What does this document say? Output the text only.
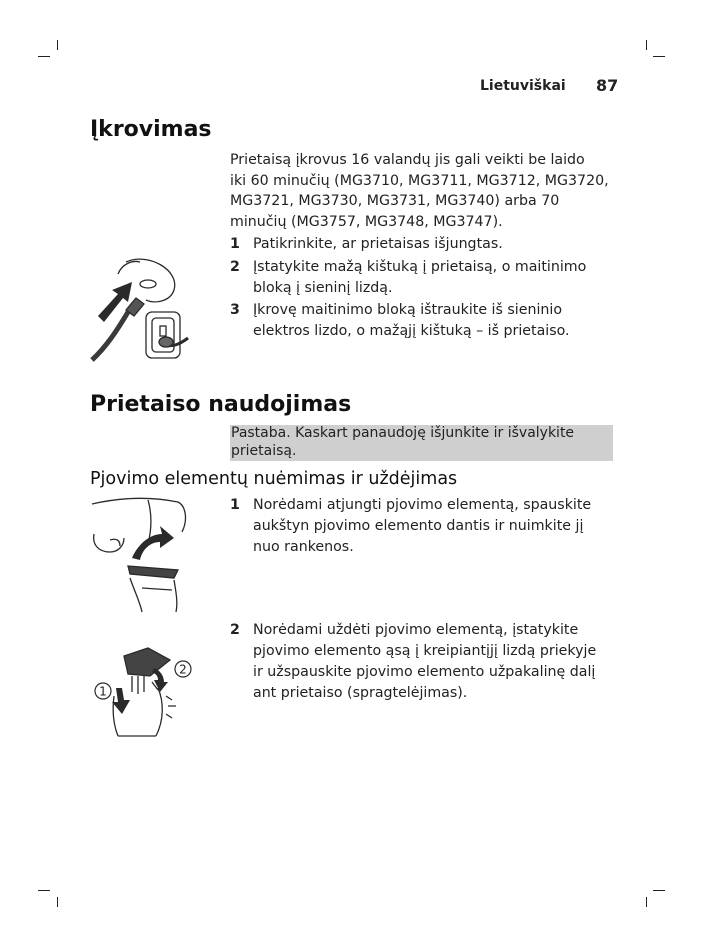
Lietuviškai 87
Įkrovimas
Prietaisą įkrovus 16 valandų jis gali veikti be laido
iki 60 minučių (MG3710, MG3711, MG3712, MG3720,
MG3721, MG3730, MG3731, MG3740) arba 70
minučių (MG3757, MG3748, MG3747).
1 Patikrinkite, ar prietaisas išjungtas.
2 Įstatykite mažą kištuką į prietaisą, o maitinimo
bloką į sieninį lizdą.
3 Įkrovę maitinimo bloką ištraukite iš sieninio
elektros lizdo, o mažąjį kištuką – iš prietaiso.
Prietaiso naudojimas
Pastaba. Kaskart panaudoję išjunkite ir išvalykite
prietaisą.
Pjovimo elementų nuėmimas ir uždėjimas
1 Norėdami atjungti pjovimo elementą, spauskite
aukštyn pjovimo elemento dantis ir nuimkite jį
nuo rankenos.
2 Norėdami uždėti pjovimo elementą, įstatykite
pjovimo elemento ąsą į kreipiantįjį lizdą priekyje
ir užspauskite pjovimo elemento užpakalinę dalį
ant prietaiso (spragtelėjimas).
1
2
